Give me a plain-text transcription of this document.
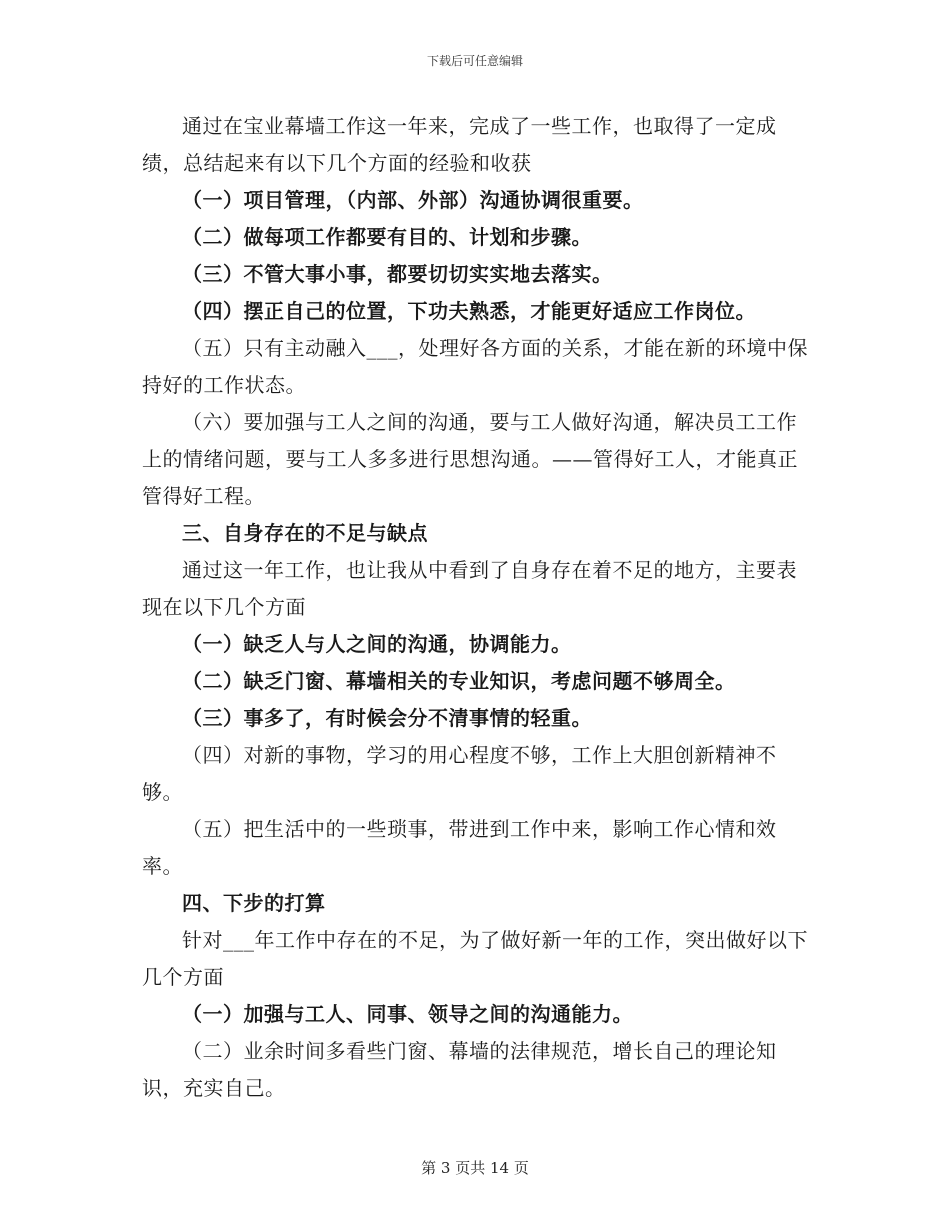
下载后可任意编辑

通过在宝业幕墙工作这一年来，完成了一些工作，也取得了一定成绩，总结起来有以下几个方面的经验和收获

（一）项目管理，（内部、外部）沟通协调很重要。

（二）做每项工作都要有目的、计划和步骤。

（三）不管大事小事，都要切切实实地去落实。

（四）摆正自己的位置，下功夫熟悉，才能更好适应工作岗位。

（五）只有主动融入___，处理好各方面的关系，才能在新的环境中保持好的工作状态。

（六）要加强与工人之间的沟通，要与工人做好沟通，解决员工工作上的情绪问题，要与工人多多进行思想沟通。——管得好工人，才能真正管得好工程。

三、自身存在的不足与缺点

通过这一年工作，也让我从中看到了自身存在着不足的地方，主要表现在以下几个方面

（一）缺乏人与人之间的沟通，协调能力。

（二）缺乏门窗、幕墙相关的专业知识，考虑问题不够周全。

（三）事多了，有时候会分不清事情的轻重。

（四）对新的事物，学习的用心程度不够，工作上大胆创新精神不够。

（五）把生活中的一些琐事，带进到工作中来，影响工作心情和效率。

四、下步的打算

针对___年工作中存在的不足，为了做好新一年的工作，突出做好以下几个方面

（一）加强与工人、同事、领导之间的沟通能力。

（二）业余时间多看些门窗、幕墙的法律规范，增长自己的理论知识，充实自己。

第 3 页共 14 页
